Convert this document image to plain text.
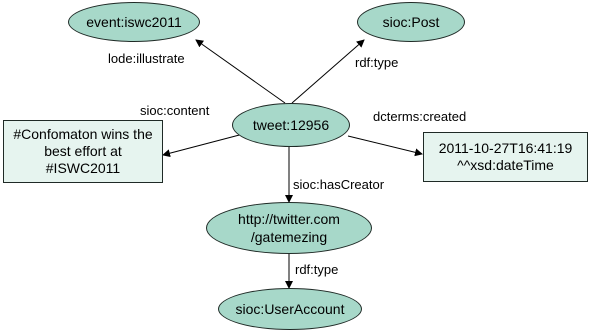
event:iswc2011	sioc:Post
tweet:12956
http://twitter.com
/gatemezing
sioc:UserAccount
#Confomaton wins the
best effort at
#ISWC2011
2011-10-27T16:41:19
^^xsd:dateTime
lode:illustrate	rdf:type
sioc:content	dcterms:created
sioc:hasCreator
rdf:type
